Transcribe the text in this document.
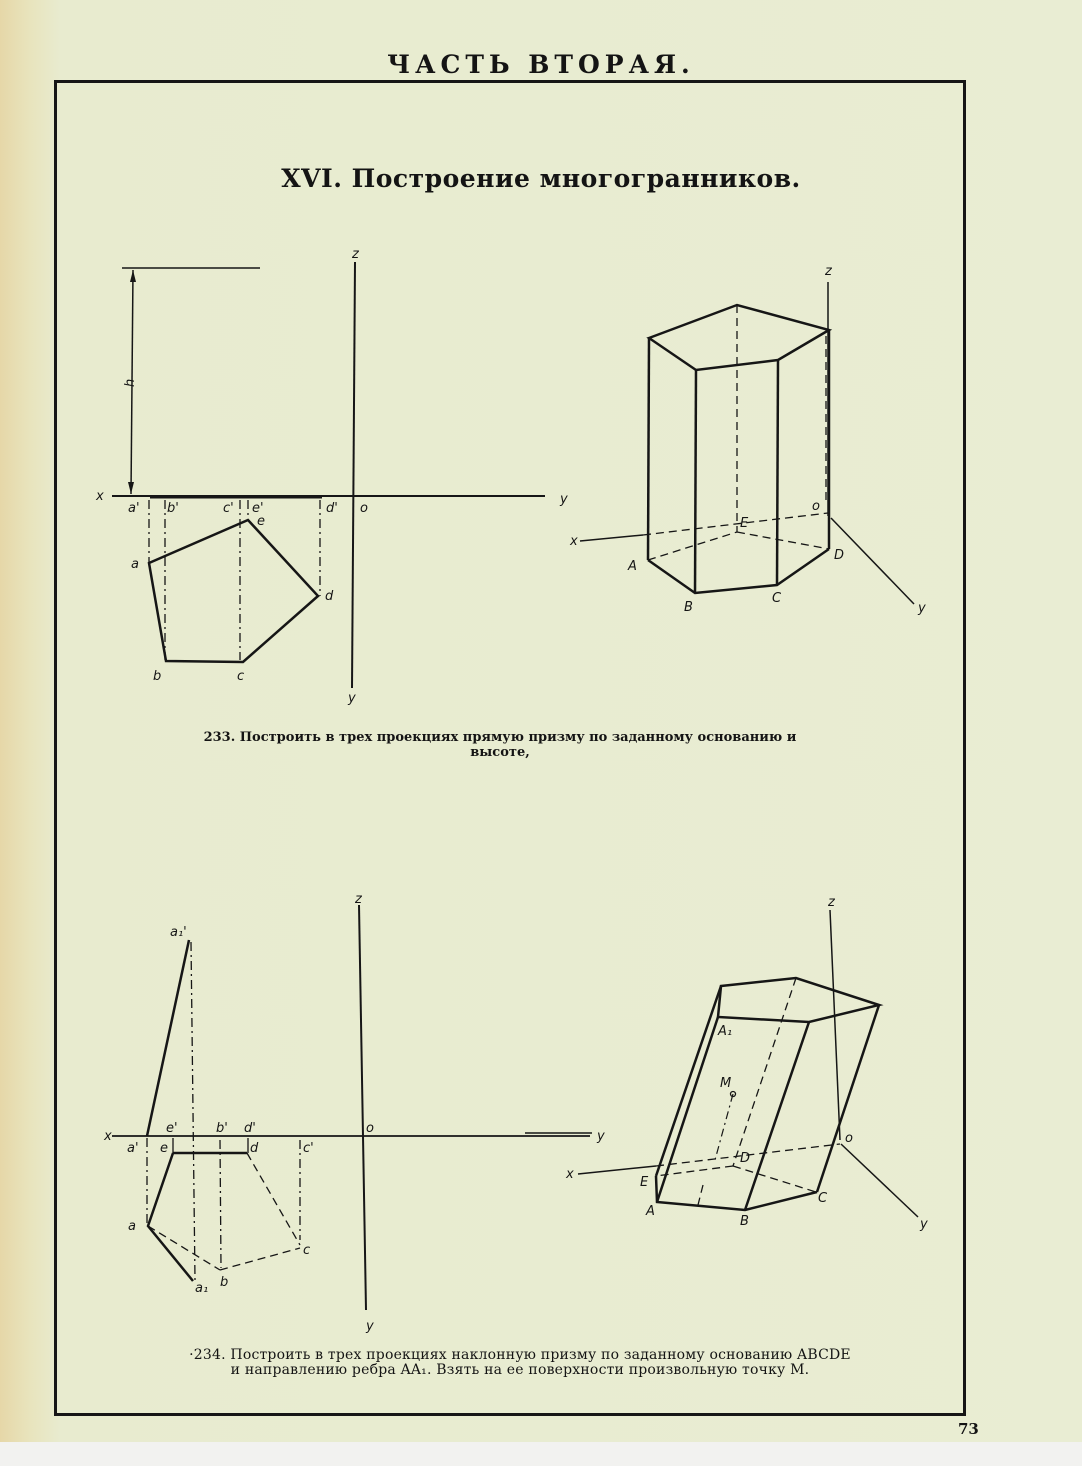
ЧАСТЬ ВТОРАЯ.
XVI. Построение многогранников.
x	y
z
y
o
h
a' b'	c' e'	d'
a
b	c
d
e
z
x
y
o
A
B
C
D
E
x	y
z
y
o
a₁'
a'
e'	b' d'
c'
a
b
c
d
e
a₁
z
x
y
o
A
B
C
D
E
A₁
M
233. Построить в трех проекциях прямую призму по заданному основанию и
высоте,
·234. Построить в трех проекциях наклонную призму по заданному основанию ABCDE
и направлению ребра AA₁. Взять на ее поверхности произвольную точку M.
73
